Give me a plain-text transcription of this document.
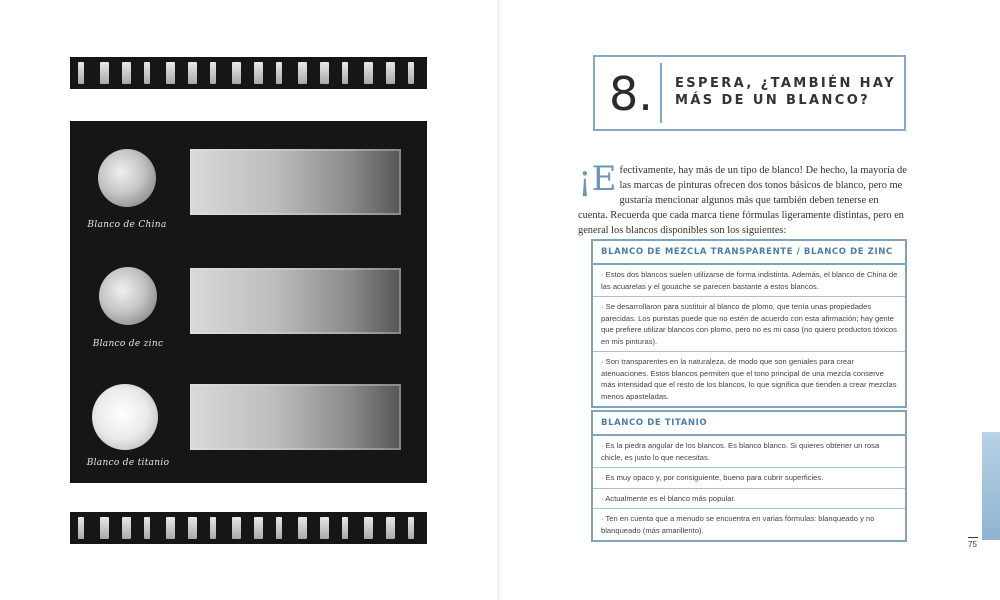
Blanco de China
Blanco de zinc
Blanco de titanio
8. ESPERA, ¿TAMBIÉN HAY MÁS DE UN BLANCO?
¡E fectivamente, hay más de un tipo de blanco! De hecho, la mayoría de las marcas de pinturas ofrecen dos tonos básicos de blanco, pero me gustaría mencionar algunos más que también deben tenerse en cuenta. Recuerda que cada marca tiene fórmulas ligeramente distintas, pero en general los blancos disponibles son los siguientes:
BLANCO DE MEZCLA TRANSPARENTE / BLANCO DE ZINC
· Estos dos blancos suelen utilizarse de forma indistinta. Además, el blanco de China de las acuarelas y el gouache se parecen bastante a estos blancos.
· Se desarrollaron para sustituir al blanco de plomo, que tenía unas propiedades parecidas. Los puristas puede que no estén de acuerdo con esta afirmación; hay gente que prefiere utilizar blancos con plomo, pero no es mi caso (no quiero productos tóxicos en mis pinturas).
· Son transparentes en la naturaleza, de modo que son geniales para crear atenuaciones. Estos blancos permiten que el tono principal de una mezcla conserve más intensidad que el resto de los blancos, lo que significa que tienden a crear mezclas menos apasteladas.
BLANCO DE TITANIO
· Es la piedra angular de los blancos. Es blanco blanco. Si quieres obtener un rosa chicle, es justo lo que necesitas.
· Es muy opaco y, por consiguiente, bueno para cubrir superficies.
· Actualmente es el blanco más popular.
· Ten en cuenta que a menudo se encuentra en varias fórmulas: blanqueado y no blanqueado (más amarillento).
75
